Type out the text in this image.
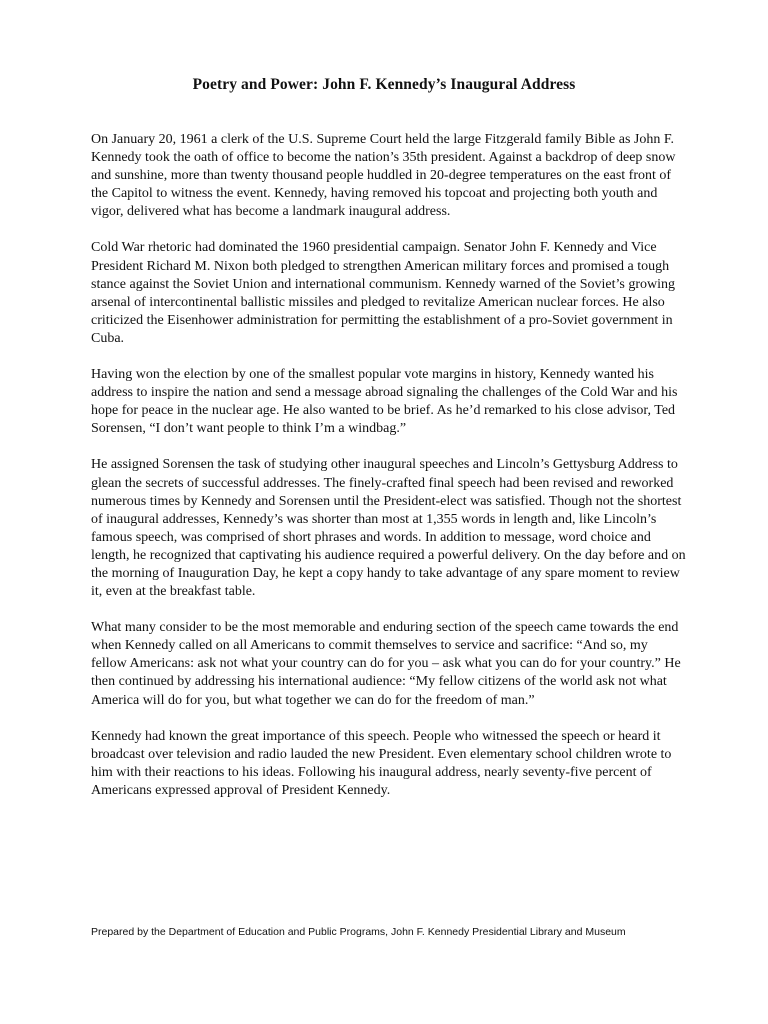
Poetry and Power: John F. Kennedy’s Inaugural Address

On January 20, 1961 a clerk of the U.S. Supreme Court held the large Fitzgerald family Bible as John F. Kennedy took the oath of office to become the nation’s 35th president. Against a backdrop of deep snow and sunshine, more than twenty thousand people huddled in 20-degree temperatures on the east front of the Capitol to witness the event. Kennedy, having removed his topcoat and projecting both youth and vigor, delivered what has become a landmark inaugural address.

Cold War rhetoric had dominated the 1960 presidential campaign. Senator John F. Kennedy and Vice President Richard M. Nixon both pledged to strengthen American military forces and promised a tough stance against the Soviet Union and international communism. Kennedy warned of the Soviet’s growing arsenal of intercontinental ballistic missiles and pledged to revitalize American nuclear forces. He also criticized the Eisenhower administration for permitting the establishment of a pro-Soviet government in Cuba.

Having won the election by one of the smallest popular vote margins in history, Kennedy wanted his address to inspire the nation and send a message abroad signaling the challenges of the Cold War and his hope for peace in the nuclear age. He also wanted to be brief. As he’d remarked to his close advisor, Ted Sorensen, “I don’t want people to think I’m a windbag.”

He assigned Sorensen the task of studying other inaugural speeches and Lincoln’s Gettysburg Address to glean the secrets of successful addresses. The finely-crafted final speech had been revised and reworked numerous times by Kennedy and Sorensen until the President-elect was satisfied. Though not the shortest of inaugural addresses, Kennedy’s was shorter than most at 1,355 words in length and, like Lincoln’s famous speech, was comprised of short phrases and words. In addition to message, word choice and length, he recognized that captivating his audience required a powerful delivery. On the day before and on the morning of Inauguration Day, he kept a copy handy to take advantage of any spare moment to review it, even at the breakfast table.

What many consider to be the most memorable and enduring section of the speech came towards the end when Kennedy called on all Americans to commit themselves to service and sacrifice: “And so, my fellow Americans: ask not what your country can do for you – ask what you can do for your country.” He then continued by addressing his international audience: “My fellow citizens of the world ask not what America will do for you, but what together we can do for the freedom of man.”

Kennedy had known the great importance of this speech. People who witnessed the speech or heard it broadcast over television and radio lauded the new President. Even elementary school children wrote to him with their reactions to his ideas. Following his inaugural address, nearly seventy-five percent of Americans expressed approval of President Kennedy.

Prepared by the Department of Education and Public Programs, John F. Kennedy Presidential Library and Museum
